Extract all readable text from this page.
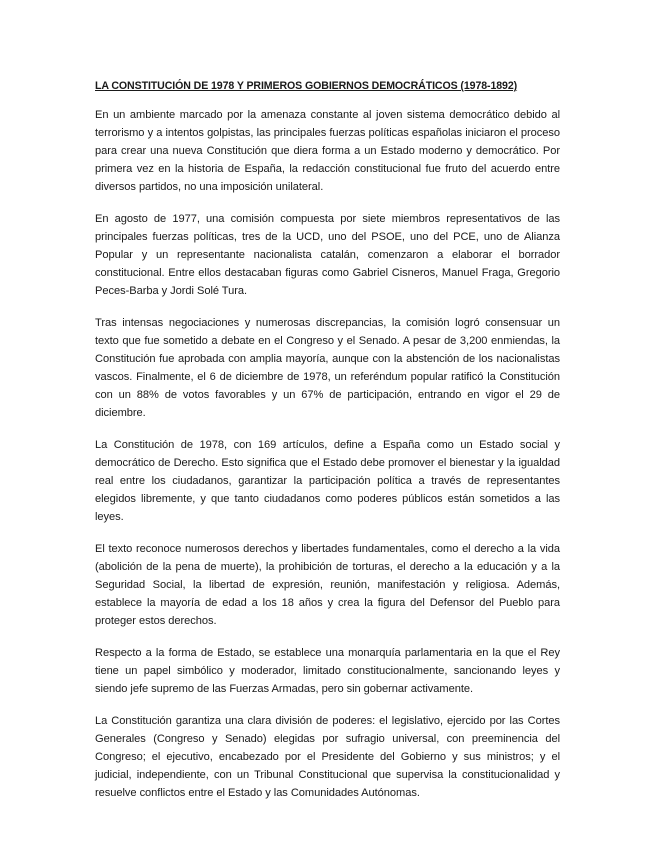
LA CONSTITUCIÓN DE 1978 Y PRIMEROS GOBIERNOS DEMOCRÁTICOS (1978-1892)

En un ambiente marcado por la amenaza constante al joven sistema democrático debido al terrorismo y a intentos golpistas, las principales fuerzas políticas españolas iniciaron el proceso para crear una nueva Constitución que diera forma a un Estado moderno y democrático. Por primera vez en la historia de España, la redacción constitucional fue fruto del acuerdo entre diversos partidos, no una imposición unilateral.

En agosto de 1977, una comisión compuesta por siete miembros representativos de las principales fuerzas políticas, tres de la UCD, uno del PSOE, uno del PCE, uno de Alianza Popular y un representante nacionalista catalán, comenzaron a elaborar el borrador constitucional. Entre ellos destacaban figuras como Gabriel Cisneros, Manuel Fraga, Gregorio Peces-Barba y Jordi Solé Tura.

Tras intensas negociaciones y numerosas discrepancias, la comisión logró consensuar un texto que fue sometido a debate en el Congreso y el Senado. A pesar de 3,200 enmiendas, la Constitución fue aprobada con amplia mayoría, aunque con la abstención de los nacionalistas vascos. Finalmente, el 6 de diciembre de 1978, un referéndum popular ratificó la Constitución con un 88% de votos favorables y un 67% de participación, entrando en vigor el 29 de diciembre.

La Constitución de 1978, con 169 artículos, define a España como un Estado social y democrático de Derecho. Esto significa que el Estado debe promover el bienestar y la igualdad real entre los ciudadanos, garantizar la participación política a través de representantes elegidos libremente, y que tanto ciudadanos como poderes públicos están sometidos a las leyes.

El texto reconoce numerosos derechos y libertades fundamentales, como el derecho a la vida (abolición de la pena de muerte), la prohibición de torturas, el derecho a la educación y a la Seguridad Social, la libertad de expresión, reunión, manifestación y religiosa. Además, establece la mayoría de edad a los 18 años y crea la figura del Defensor del Pueblo para proteger estos derechos.

Respecto a la forma de Estado, se establece una monarquía parlamentaria en la que el Rey tiene un papel simbólico y moderador, limitado constitucionalmente, sancionando leyes y siendo jefe supremo de las Fuerzas Armadas, pero sin gobernar activamente.

La Constitución garantiza una clara división de poderes: el legislativo, ejercido por las Cortes Generales (Congreso y Senado) elegidas por sufragio universal, con preeminencia del Congreso; el ejecutivo, encabezado por el Presidente del Gobierno y sus ministros; y el judicial, independiente, con un Tribunal Constitucional que supervisa la constitucionalidad y resuelve conflictos entre el Estado y las Comunidades Autónomas.
